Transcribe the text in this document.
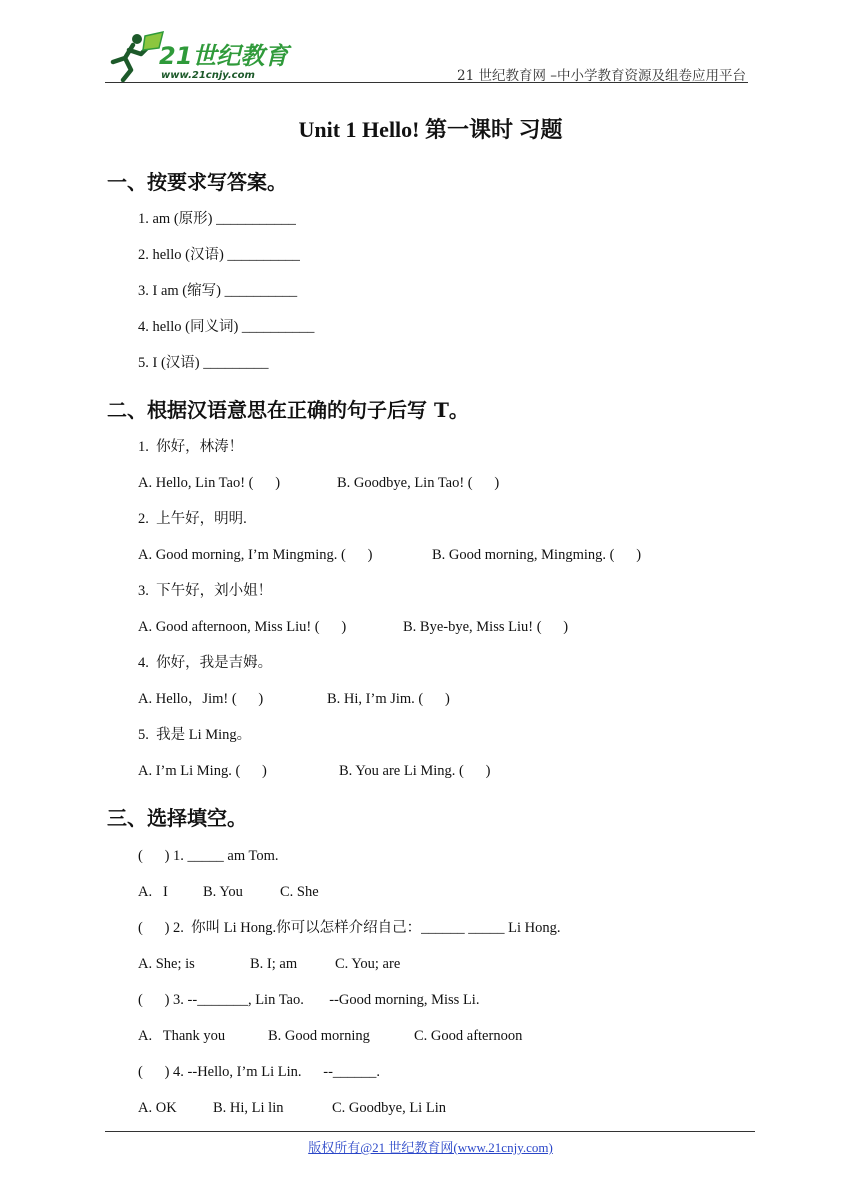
21世纪教育
www.21cnjy.com	21 世纪教育网 –中小学教育资源及组卷应用平台
Unit 1 Hello! 第一课时 习题
一、按要求写答案。
1. am (原形) ___________
2. hello (汉语) __________
3. I am (缩写) __________
4. hello (同义词) __________
5. I (汉语) _________
二、根据汉语意思在正确的句子后写 T。
1.  你好，林涛！
A. Hello, Lin Tao! (      )	B. Goodbye, Lin Tao! (      )
2.  上午好，明明.
A. Good morning, I’m Mingming. (      )	B. Good morning, Mingming. (      )
3.  下午好，刘小姐！
A. Good afternoon, Miss Liu! (      )	B. Bye-bye, Miss Liu! (      )
4.  你好，我是吉姆。
A. Hello，Jim! (      )	B. Hi, I’m Jim. (      )
5.  我是 Li Ming。
A. I’m Li Ming. (      )	B. You are Li Ming. (      )
三、选择填空。
(      ) 1. _____ am Tom.
A.   I B. You	C. She
(      ) 2.  你叫 Li Hong.你可以怎样介绍自己：______ _____ Li Hong.
A. She; is	B. I; am	C. You; are
(      ) 3. --_______, Lin Tao.       --Good morning, Miss Li.
A.   Thank you	B. Good morning	C. Good afternoon
(      ) 4. --Hello, I’m Li Lin.      --______.
A. OK	B. Hi, Li lin	C. Goodbye, Li Lin
版权所有@21 世纪教育网(www.21cnjy.com)
